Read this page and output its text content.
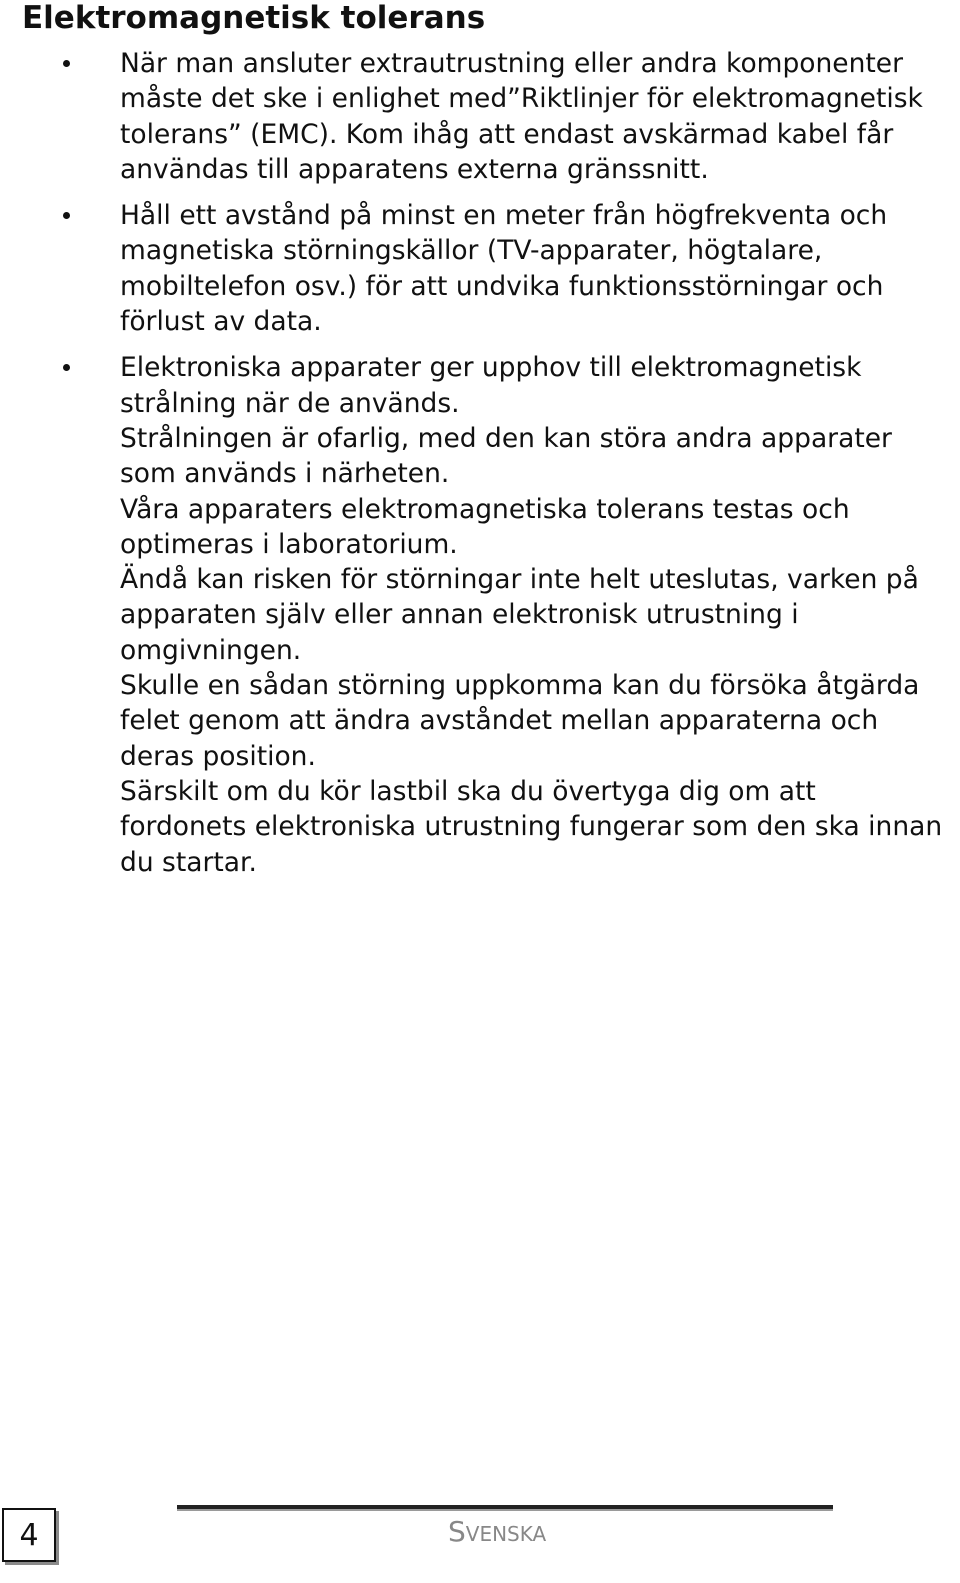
Elektromagnetisk tolerans

När man ansluter extrautrustning eller andra komponenter måste det ske i enlighet med”Riktlinjer för elektromagnetisk tolerans” (EMC). Kom ihåg att endast avskärmad kabel får användas till apparatens externa gränssnitt.

Håll ett avstånd på minst en meter från högfrekventa och magnetiska störningskällor (TV-apparater, högtalare, mobiltelefon osv.) för att undvika funktionsstörningar och förlust av data.

Elektroniska apparater ger upphov till elektromagnetisk strålning när de används.

Strålningen är ofarlig, med den kan störa andra apparater som används i närheten.

Våra apparaters elektromagnetiska tolerans testas och optimeras i laboratorium.

Ändå kan risken för störningar inte helt uteslutas, varken på apparaten själv eller annan elektronisk utrustning i omgivningen.

Skulle en sådan störning uppkomma kan du försöka åtgärda felet genom att ändra avståndet mellan apparaterna och deras position.

Särskilt om du kör lastbil ska du övertyga dig om att fordonets elektroniska utrustning fungerar som den ska innan du startar.

4	Svenska
